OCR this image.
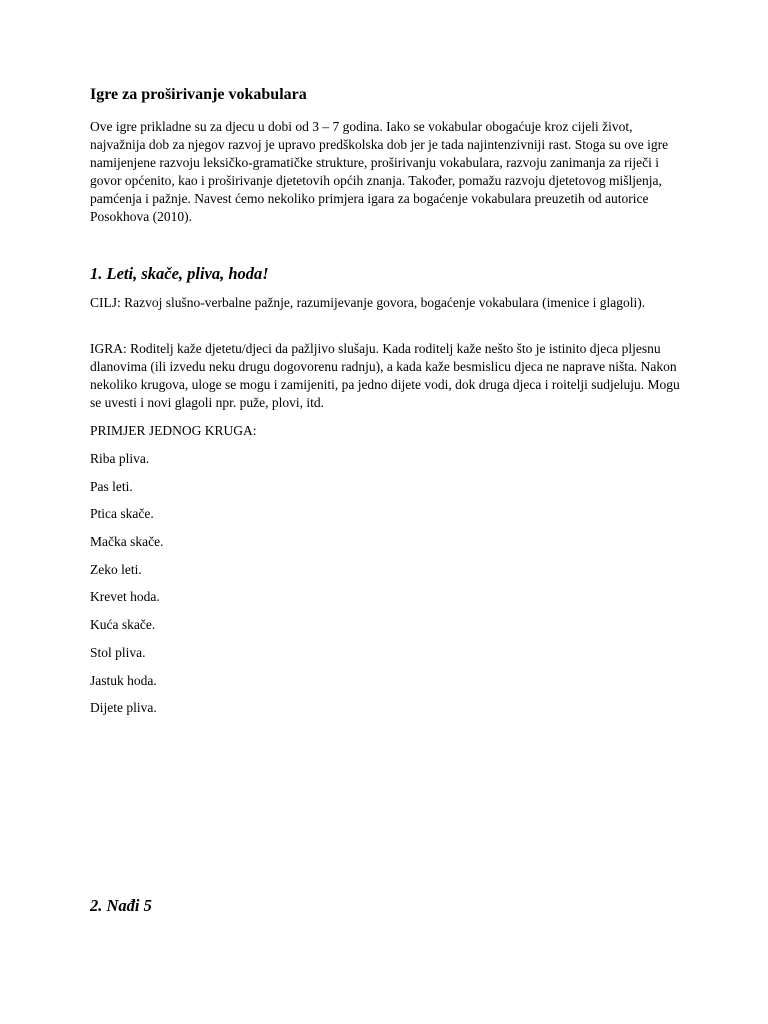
Igre za proširivanje vokabulara

Ove igre prikladne su za djecu u dobi od 3 – 7 godina. Iako se vokabular obogaćuje kroz cijeli život, najvažnija dob za njegov razvoj je upravo predškolska dob jer je tada najintenzivniji rast. Stoga su ove igre namijenjene razvoju leksičko-gramatičke strukture, proširivanju vokabulara, razvoju zanimanja za riječi i govor općenito, kao i proširivanje djetetovih općih znanja. Također, pomažu razvoju djetetovog mišljenja, pamćenja i pažnje. Navest ćemo nekoliko primjera igara za bogaćenje vokabulara preuzetih od autorice Posokhova (2010).

1. Leti, skače, pliva, hoda!

CILJ: Razvoj slušno-verbalne pažnje, razumijevanje govora, bogaćenje vokabulara (imenice i glagoli).

IGRA: Roditelj kaže djetetu/djeci da pažljivo slušaju. Kada roditelj kaže nešto što je istinito djeca pljesnu dlanovima (ili izvedu neku drugu dogovorenu radnju), a kada kaže besmislicu djeca ne naprave ništa. Nakon nekoliko krugova, uloge se mogu i zamijeniti, pa jedno dijete vodi, dok druga djeca i roitelji sudjeluju. Mogu se uvesti i novi glagoli npr. puže, plovi, itd.

PRIMJER JEDNOG KRUGA:

Riba pliva.
Pas leti.
Ptica skače.
Mačka skače.
Zeko leti.
Krevet hoda.
Kuća skače.
Stol pliva.
Jastuk hoda.
Dijete pliva.
2. Nađi 5
